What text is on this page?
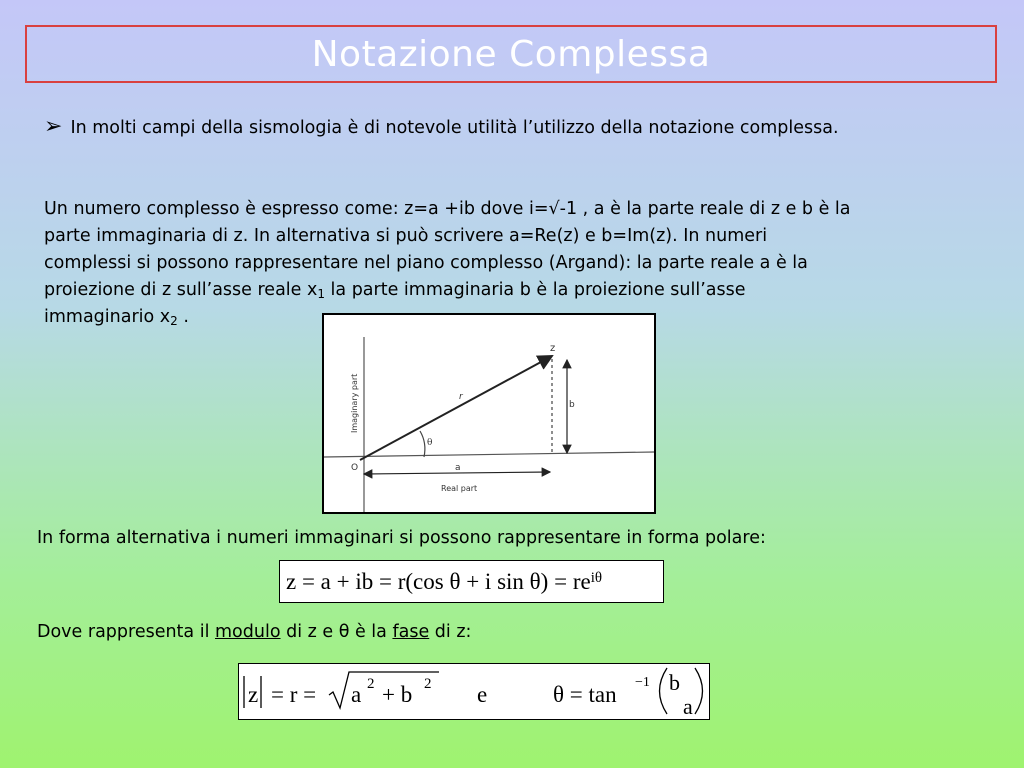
Notazione Complessa
➢ In molti campi della sismologia è di notevole utilità l’utilizzo della notazione complessa.
Un numero complesso è espresso come: z=a +ib dove i=√-1 , a è la parte reale di z e b è la
parte immaginaria di z. In alternativa si può scrivere a=Re(z) e b=Im(z). In numeri
complessi si possono rappresentare nel piano complesso (Argand): la parte reale a è la
proiezione di z sull’asse reale $x_1$ la parte immaginaria b è la proiezione sull’asse
immaginario $x_2$ .
z
r
b
θ
O	a
Real part
Imaginary part
In forma alternativa i numeri immaginari si possono rappresentare in forma polare:
z = a + ib = r(cos θ + i $\sin \theta) = re^{i\theta}$
Dove rappresenta il modulo di z e θ è la fase di z:
z = r = a 2 + b 2 e	θ = tan −1 b
a
